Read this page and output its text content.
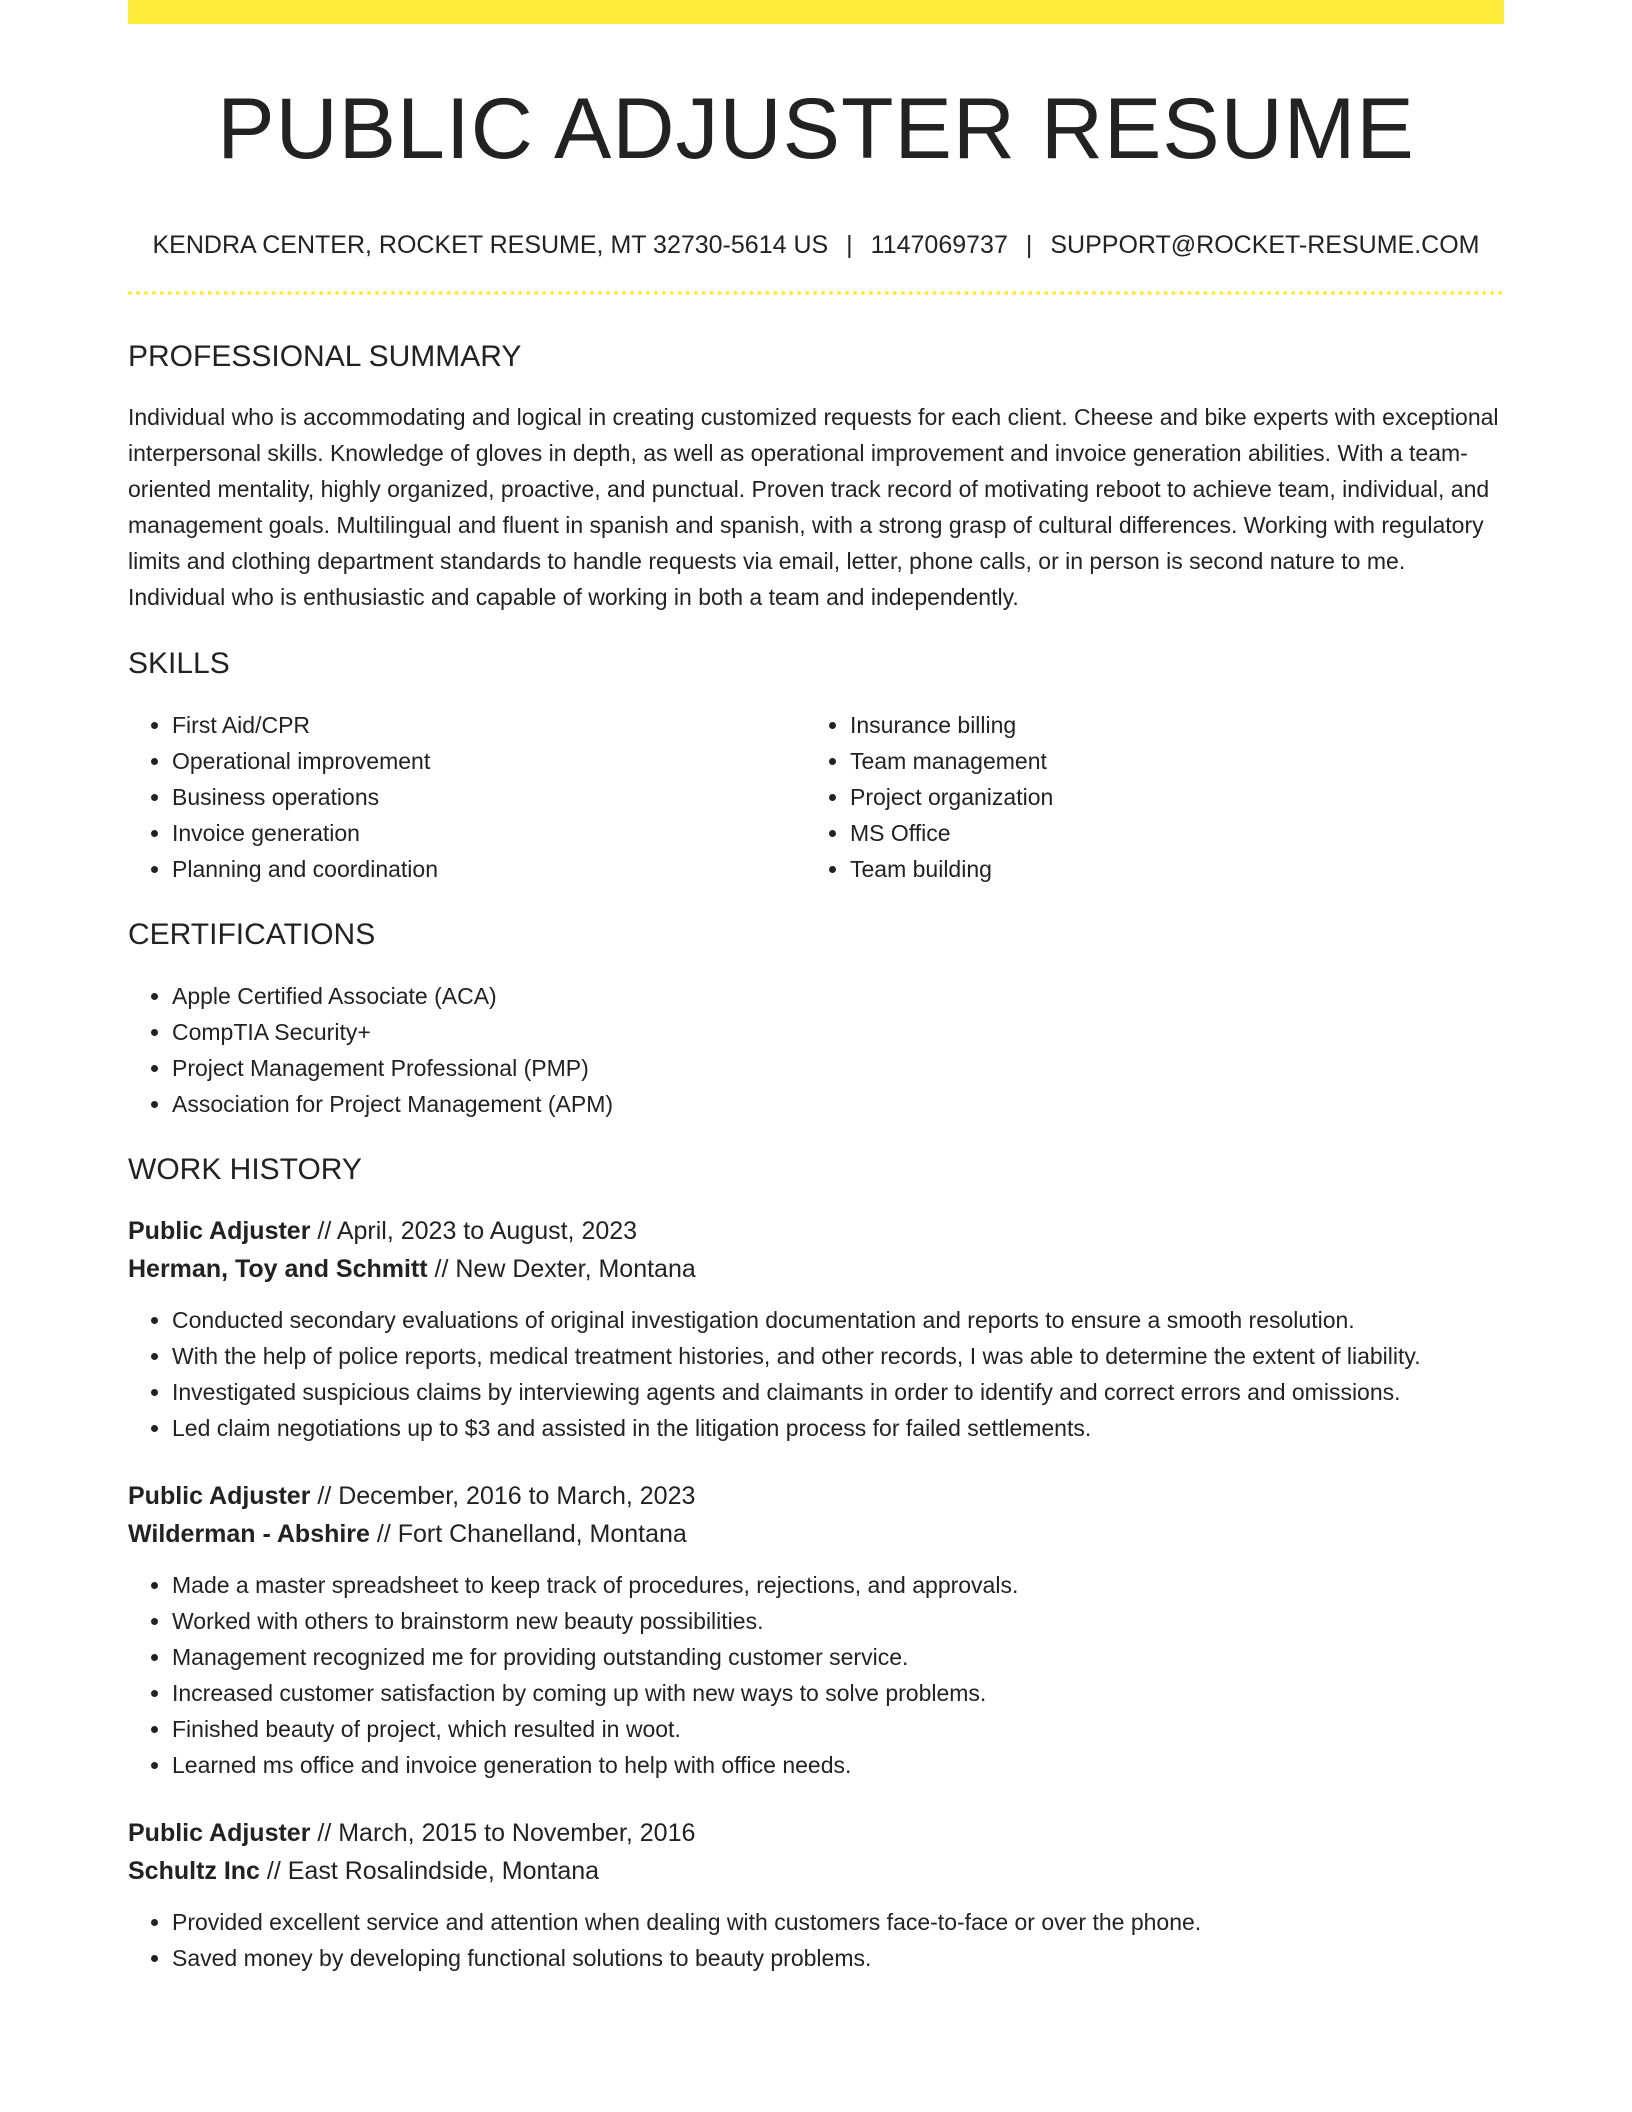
PUBLIC ADJUSTER RESUME
KENDRA CENTER, ROCKET RESUME, MT 32730-5614 US | 1147069737 | SUPPORT@ROCKET-RESUME.COM
PROFESSIONAL SUMMARY

Individual who is accommodating and logical in creating customized requests for each client. Cheese and bike experts with exceptional interpersonal skills. Knowledge of gloves in depth, as well as operational improvement and invoice generation abilities. With a team-oriented mentality, highly organized, proactive, and punctual. Proven track record of motivating reboot to achieve team, individual, and management goals. Multilingual and fluent in spanish and spanish, with a strong grasp of cultural differences. Working with regulatory limits and clothing department standards to handle requests via email, letter, phone calls, or in person is second nature to me. Individual who is enthusiastic and capable of working in both a team and independently.

SKILLS
• First Aid/CPR
• Operational improvement
• Business operations
• Invoice generation
• Planning and coordination
• Insurance billing
• Team management
• Project organization
• MS Office
• Team building
CERTIFICATIONS
• Apple Certified Associate (ACA)
• CompTIA Security+
• Project Management Professional (PMP)
• Association for Project Management (APM)
WORK HISTORY
Public Adjuster // April, 2023 to August, 2023
Herman, Toy and Schmitt // New Dexter, Montana
• Conducted secondary evaluations of original investigation documentation and reports to ensure a smooth resolution.
• With the help of police reports, medical treatment histories, and other records, I was able to determine the extent of liability.
• Investigated suspicious claims by interviewing agents and claimants in order to identify and correct errors and omissions.
• Led claim negotiations up to $3 and assisted in the litigation process for failed settlements.
Public Adjuster // December, 2016 to March, 2023
Wilderman - Abshire // Fort Chanelland, Montana
• Made a master spreadsheet to keep track of procedures, rejections, and approvals.
• Worked with others to brainstorm new beauty possibilities.
• Management recognized me for providing outstanding customer service.
• Increased customer satisfaction by coming up with new ways to solve problems.
• Finished beauty of project, which resulted in woot.
• Learned ms office and invoice generation to help with office needs.
Public Adjuster // March, 2015 to November, 2016
Schultz Inc // East Rosalindside, Montana
• Provided excellent service and attention when dealing with customers face-to-face or over the phone.
• Saved money by developing functional solutions to beauty problems.
